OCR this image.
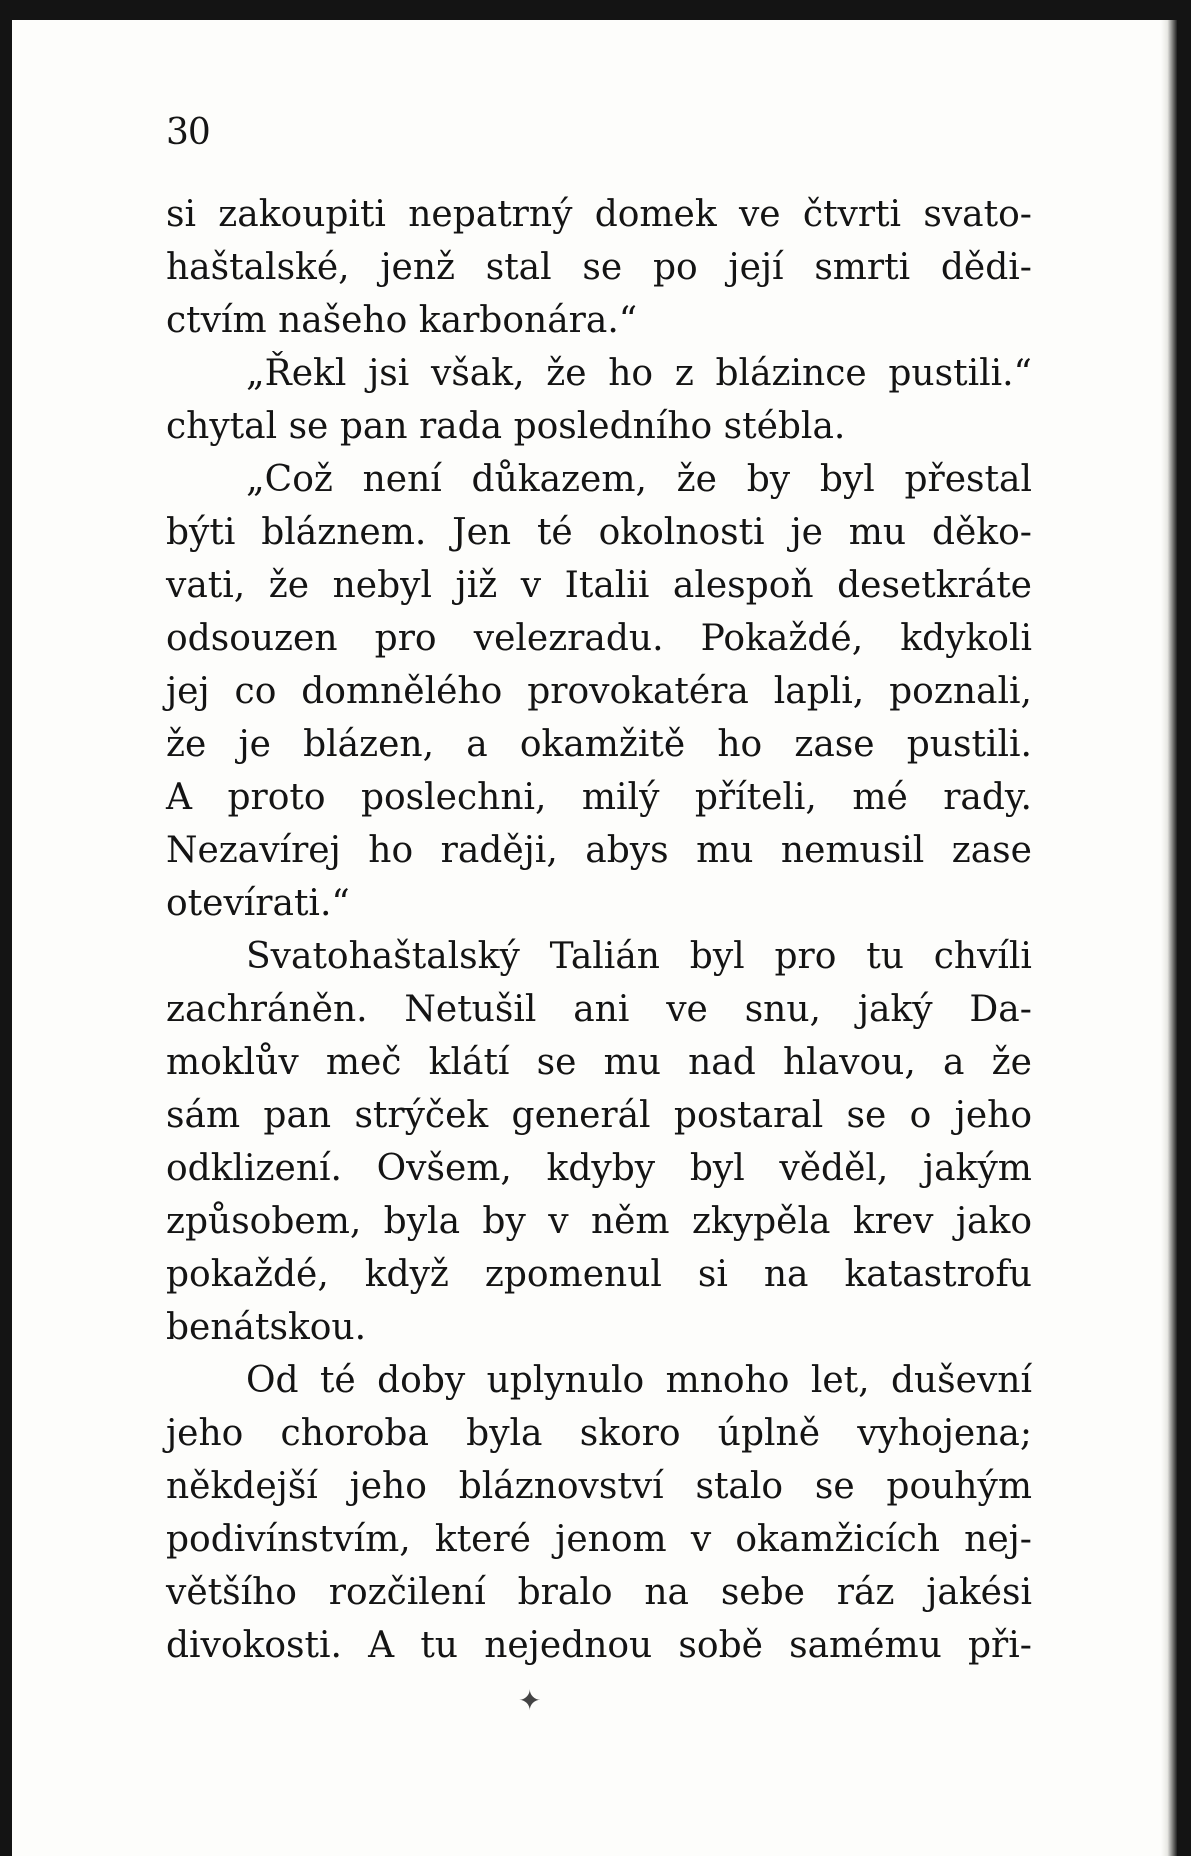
30
si zakoupiti nepatrný domek ve čtvrti svato-
haštalské, jenž stal se po její smrti dědi-
ctvím našeho karbonára.“
„Řekl jsi však, že ho z blázince pustili.“
chytal se pan rada posledního stébla.
„Což není důkazem, že by byl přestal
býti bláznem. Jen té okolnosti je mu děko-
vati, že nebyl již v Italii alespoň desetkráte
odsouzen pro velezradu. Pokaždé, kdykoli
jej co domnělého provokatéra lapli, poznali,
že je blázen, a okamžitě ho zase pustili.
A proto poslechni, milý příteli, mé rady.
Nezavírej ho raději, abys mu nemusil zase
otevírati.“
Svatohaštalský Talián byl pro tu chvíli
zachráněn. Netušil ani ve snu, jaký Da-
moklův meč klátí se mu nad hlavou, a že
sám pan strýček generál postaral se o jeho
odklizení. Ovšem, kdyby byl věděl, jakým
způsobem, byla by v něm zkypěla krev jako
pokaždé, když zpomenul si na katastrofu
benátskou.
Od té doby uplynulo mnoho let, duševní
jeho choroba byla skoro úplně vyhojena;
někdejší jeho bláznovství stalo se pouhým
podivínstvím, které jenom v okamžicích nej-
většího rozčilení bralo na sebe ráz jakési
divokosti. A tu nejednou sobě samému při-
✦
